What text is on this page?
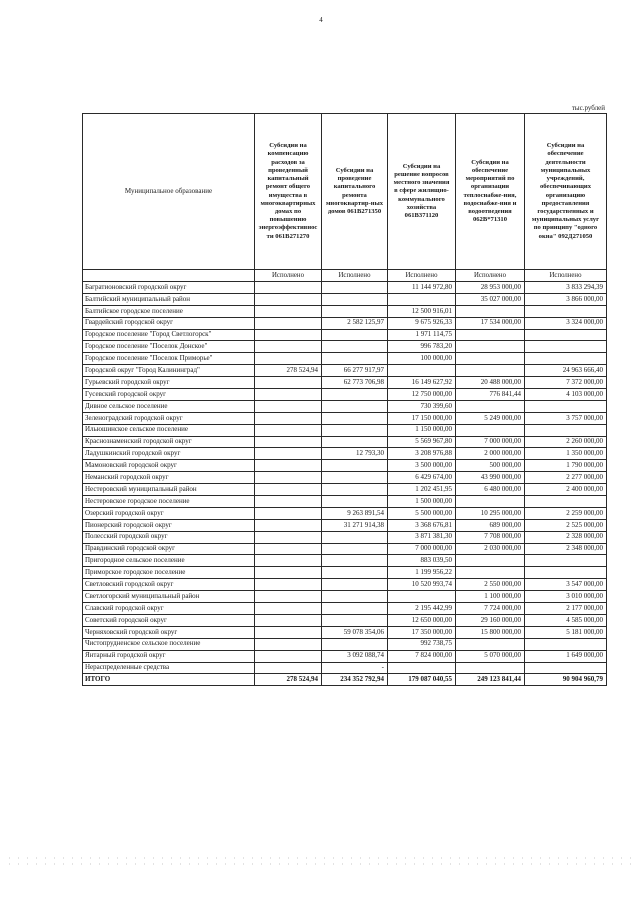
4
тыс.рублей
Муниципальное образование	Субсидии на компенсацию расходов за проведенный капитальный ремонт общего имущества в многоквартирных домах по повышению энергоэффективнос ти 061В271270	Субсидии на проведение капитального ремонта многоквартир-ных домов 061В271350	Субсидии на решение вопросов местного значения в сфере жилищно-коммунального хозяйства 061В371120	Субсидии на обеспечение мероприятий по организации теплоснабже-ния, водоснабже-ния и водоотведения 062В*71310	Субсидии на обеспечение деятельности муниципальных учреждений, обеспечивающих организацию предоставления государственных и муниципальных услуг по принципу "одного окна" 092Д271050
	Исполнено	Исполнено	Исполнено	Исполнено	Исполнено
Багратионовский городской округ			11 144 972,80	28 953 000,00	3 833 294,39
Балтийский муниципальный район				35 027 000,00	3 866 000,00
Балтийское городское поселение			12 500 916,01		
Гвардейский городской округ		2 582 125,97	9 675 926,33	17 534 000,00	3 324 000,00
Городское поселение "Город Светлогорск"			1 971 114,75		
Городское поселение "Поселок Донское"			996 783,20		
Городское поселение "Поселок Приморье"			100 000,00		
Городской округ "Город Калининград"	278 524,94	66 277 917,97			24 963 666,40
Гурьевский городской округ		62 773 706,98	16 149 627,92	20 488 000,00	7 372 000,00
Гусевский городской округ			12 750 000,00	776 841,44	4 103 000,00
Дивное сельское поселение			730 399,60		
Зеленоградский городской округ			17 150 000,00	5 249 000,00	3 757 000,00
Ильюшинское сельское поселение			1 150 000,00		
Краснознаменский городской округ			5 569 967,80	7 000 000,00	2 260 000,00
Ладушкинский городской округ		12 793,30	3 208 976,88	2 000 000,00	1 350 000,00
Мамоновский городской округ			3 500 000,00	500 000,00	1 790 000,00
Неманский городской округ			6 429 674,00	43 990 000,00	2 277 000,00
Нестеровский муниципальный район			1 202 451,95	6 480 000,00	2 400 000,00
Нестеровское городское поселение			1 500 000,00		
Озерский городской округ		9 263 891,54	5 500 000,00	10 295 000,00	2 259 000,00
Пионерский городской округ		31 271 914,38	3 368 676,81	689 000,00	2 525 000,00
Полесский городской округ			3 871 381,30	7 708 000,00	2 328 000,00
Правдинский городской округ			7 000 000,00	2 030 000,00	2 348 000,00
Пригородное сельское поселение			883 039,50		
Приморское городское поселение			1 199 956,22		
Светловский городской округ			10 520 993,74	2 550 000,00	3 547 000,00
Светлогорский муниципальный район				1 100 000,00	3 010 000,00
Славский городской округ			2 195 442,99	7 724 000,00	2 177 000,00
Советский городской округ			12 650 000,00	29 160 000,00	4 585 000,00
Черняховский городской округ		59 078 354,06	17 350 000,00	15 800 000,00	5 181 000,00
Чистопрудненское сельское поселение			992 738,75		
Янтарный городской округ		3 092 088,74	7 824 000,00	5 070 000,00	1 649 000,00
Нераспределенные средства		-			
ИТОГО	278 524,94	234 352 792,94	179 087 040,55	249 123 841,44	90 904 960,79
